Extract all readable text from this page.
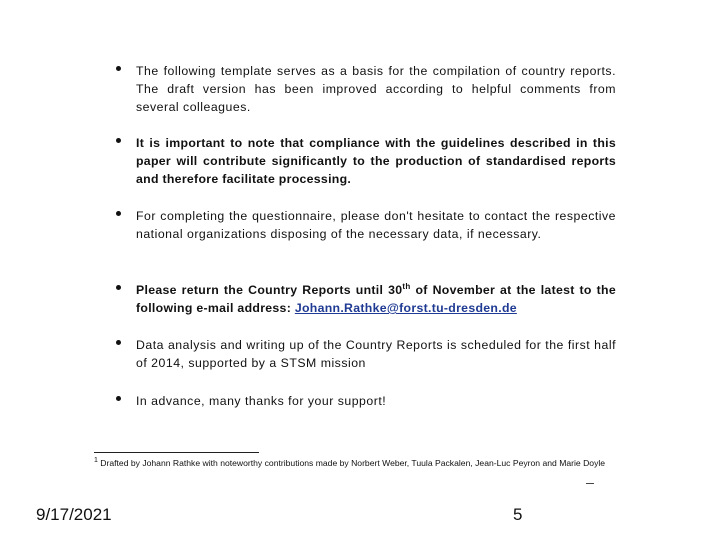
The following template serves as a basis for the compilation of country reports. The draft version has been improved according to helpful comments from several colleagues.
It is important to note that compliance with the guidelines described in this paper will contribute significantly to the production of standardised reports and therefore facilitate processing.
For completing the questionnaire, please don't hesitate to contact the respective national organizations disposing of the necessary data, if necessary.
Please return the Country Reports until 30th of November at the latest to the following e-mail address: Johann.Rathke@forst.tu-dresden.de
Data analysis and writing up of the Country Reports is scheduled for the first half of 2014, supported by a STSM mission
In advance, many thanks for your support!
$^1$ Drafted by Johann Rathke with noteworthy contributions made by Norbert Weber, Tuula Packalen, Jean-Luc Peyron and Marie Doyle
9/17/2021	5
